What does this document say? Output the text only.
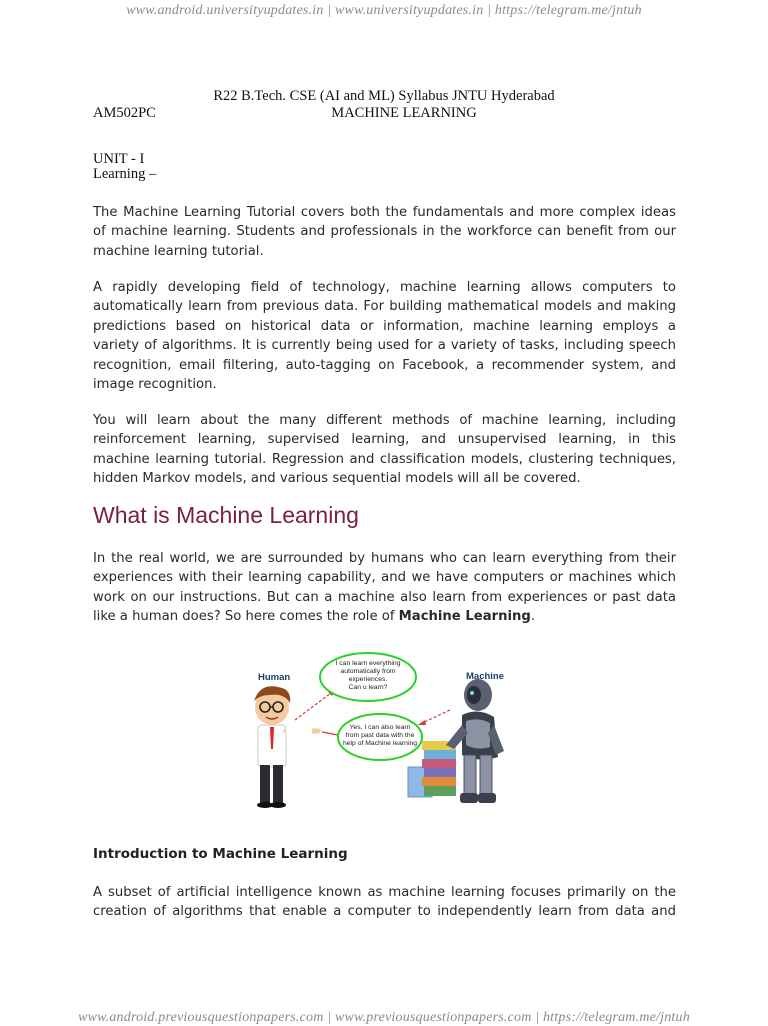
www.android.universityupdates.in | www.universityupdates.in | https://telegram.me/jntuh
R22 B.Tech. CSE (AI and ML) Syllabus JNTU Hyderabad
AM502PC	MACHINE LEARNING
UNIT - I
Learning –
The Machine Learning Tutorial covers both the fundamentals and more complex ideas
of machine learning. Students and professionals in the workforce can benefit from our
machine learning tutorial.
A rapidly developing field of technology, machine learning allows computers to
automatically learn from previous data. For building mathematical models and making
predictions based on historical data or information, machine learning employs a
variety of algorithms. It is currently being used for a variety of tasks, including speech
recognition, email filtering, auto-tagging on Facebook, a recommender system, and
image recognition.
You will learn about the many different methods of machine learning, including
reinforcement learning, supervised learning, and unsupervised learning, in this
machine learning tutorial. Regression and classification models, clustering techniques,
hidden Markov models, and various sequential models will all be covered.
What is Machine Learning
In the real world, we are surrounded by humans who can learn everything from their
experiences with their learning capability, and we have computers or machines which
work on our instructions. But can a machine also learn from experiences or past data
like a human does? So here comes the role of Machine Learning.
Human	Machine
I can learn everything
automatically from
experiences.
Can u learn?
Yes, I can also learn
from past data with the
help of Machine learning
Introduction to Machine Learning
A subset of artificial intelligence known as machine learning focuses primarily on the
creation of algorithms that enable a computer to independently learn from data and
www.android.previousquestionpapers.com | www.previousquestionpapers.com | https://telegram.me/jntuh
